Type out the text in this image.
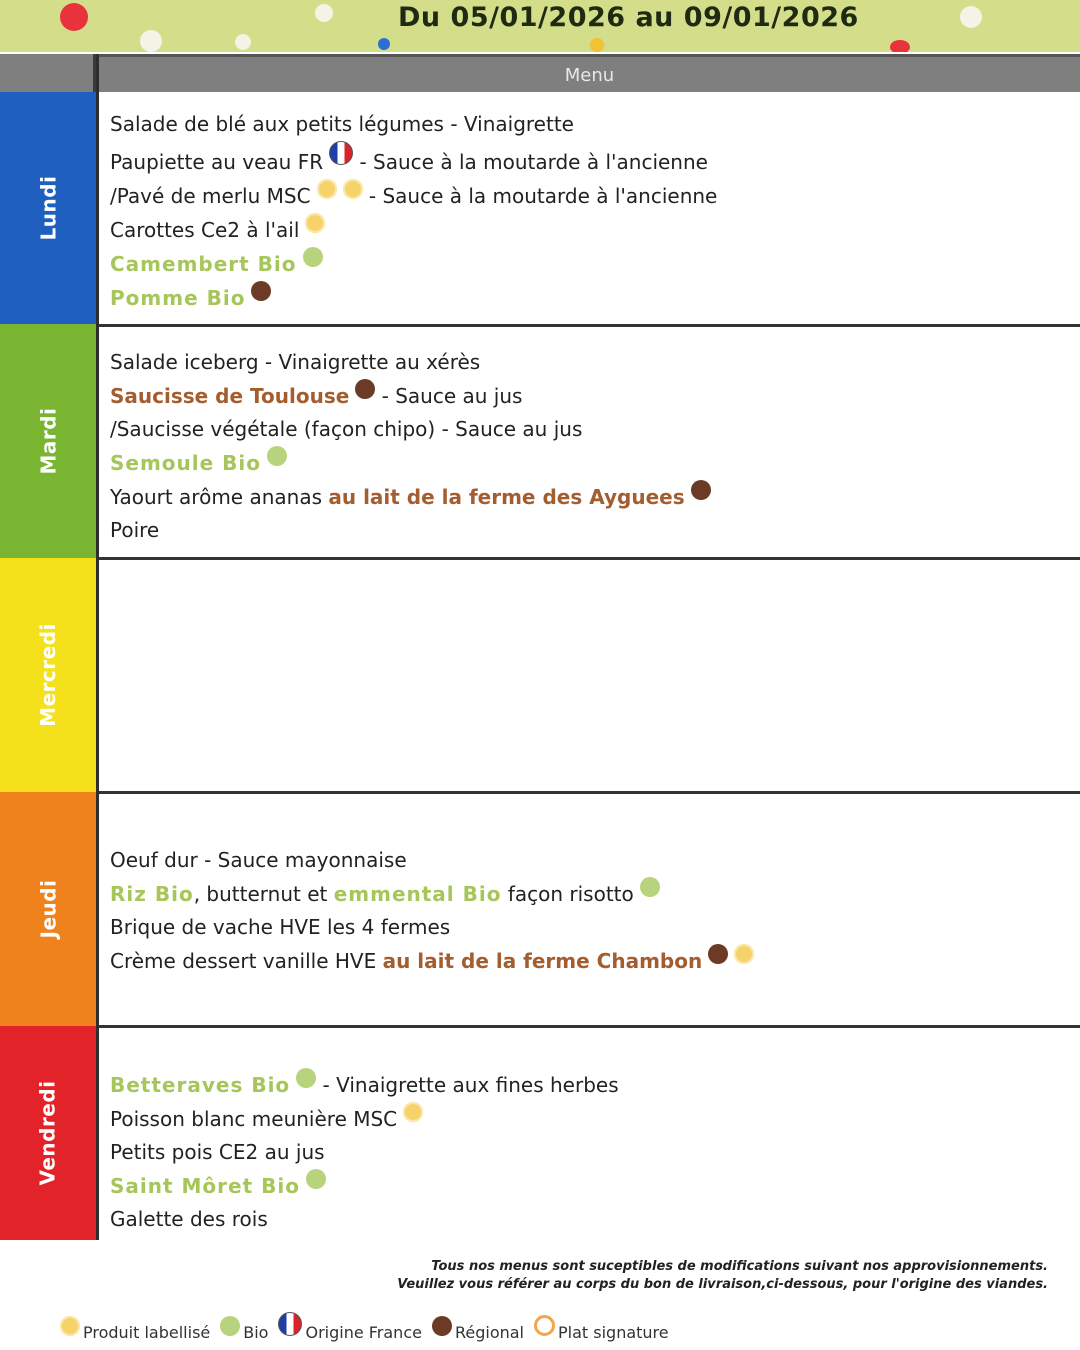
Du 05/01/2026 au 09/01/2026
Menu
Lundi
Mardi
Mercredi
Jeudi
Vendredi
Salade de blé aux petits légumes - Vinaigrette
Paupiette au veau FR - Sauce à la moutarde à l'ancienne
/Pavé de merlu MSC	- Sauce à la moutarde à l'ancienne
Carottes Ce2 à l'ail
Camembert Bio
Pomme Bio
Salade iceberg - Vinaigrette au xérès
Saucisse de Toulouse - Sauce au jus
/Saucisse végétale (façon chipo) - Sauce au jus
Semoule Bio
Yaourt arôme ananas au lait de la ferme des Ayguees
Poire
Oeuf dur - Sauce mayonnaise
Riz Bio, butternut et emmental Bio façon risotto
Brique de vache HVE les 4 fermes
Crème dessert vanille HVE au lait de la ferme Chambon
Betteraves Bio - Vinaigrette aux fines herbes
Poisson blanc meunière MSC
Petits pois CE2 au jus
Saint Môret Bio
Galette des rois
Tous nos menus sont suceptibles de modifications suivant nos approvisionnements.
Veuillez vous référer au corps du bon de livraison,ci-dessous, pour l'origine des viandes.
Produit labellisé Bio Origine France Régional Plat signature
